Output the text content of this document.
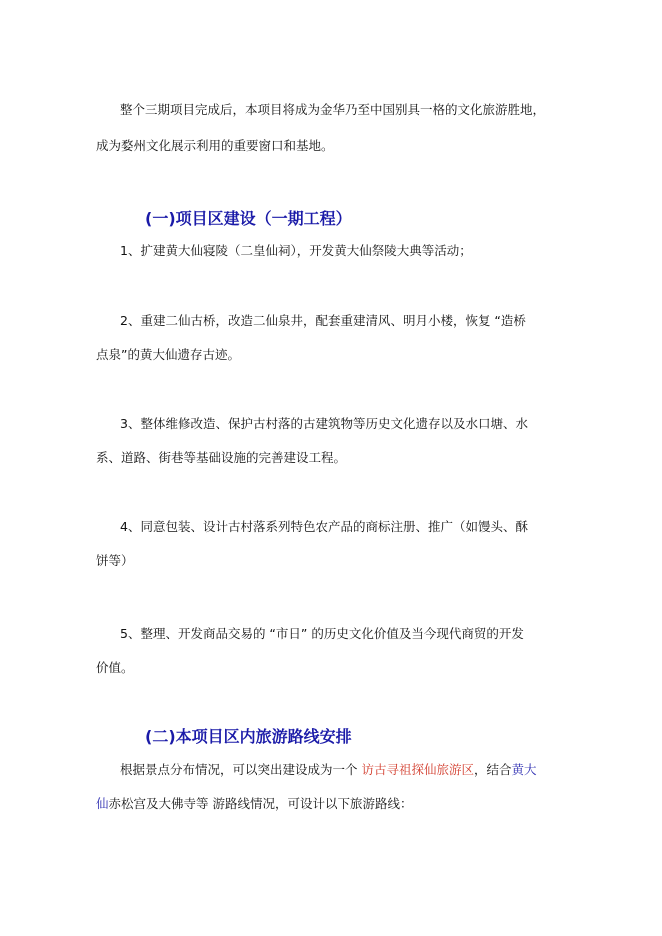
整个三期项目完成后，本项目将成为金华乃至中国别具一格的文化旅游胜地，
成为婺州文化展示利用的重要窗口和基地。
(一)项目区建设（一期工程）
1、扩建黄大仙寝陵（二皇仙祠），开发黄大仙祭陵大典等活动；
2、重建二仙古桥，改造二仙泉井，配套重建清风、明月小楼，恢复 “造桥
点泉”的黄大仙遗存古迹。
3、整体维修改造、保护古村落的古建筑物等历史文化遗存以及水口塘、水
系、道路、街巷等基础设施的完善建设工程。
4、同意包装、设计古村落系列特色农产品的商标注册、推广（如馒头、酥
饼等）
5、整理、开发商品交易的 “市日” 的历史文化价值及当今现代商贸的开发
价值。
(二)本项目区内旅游路线安排
根据景点分布情况，可以突出建设成为一个 访古寻祖探仙旅游区，结合黄大
仙赤松宫及大佛寺等 游路线情况，可设计以下旅游路线：
